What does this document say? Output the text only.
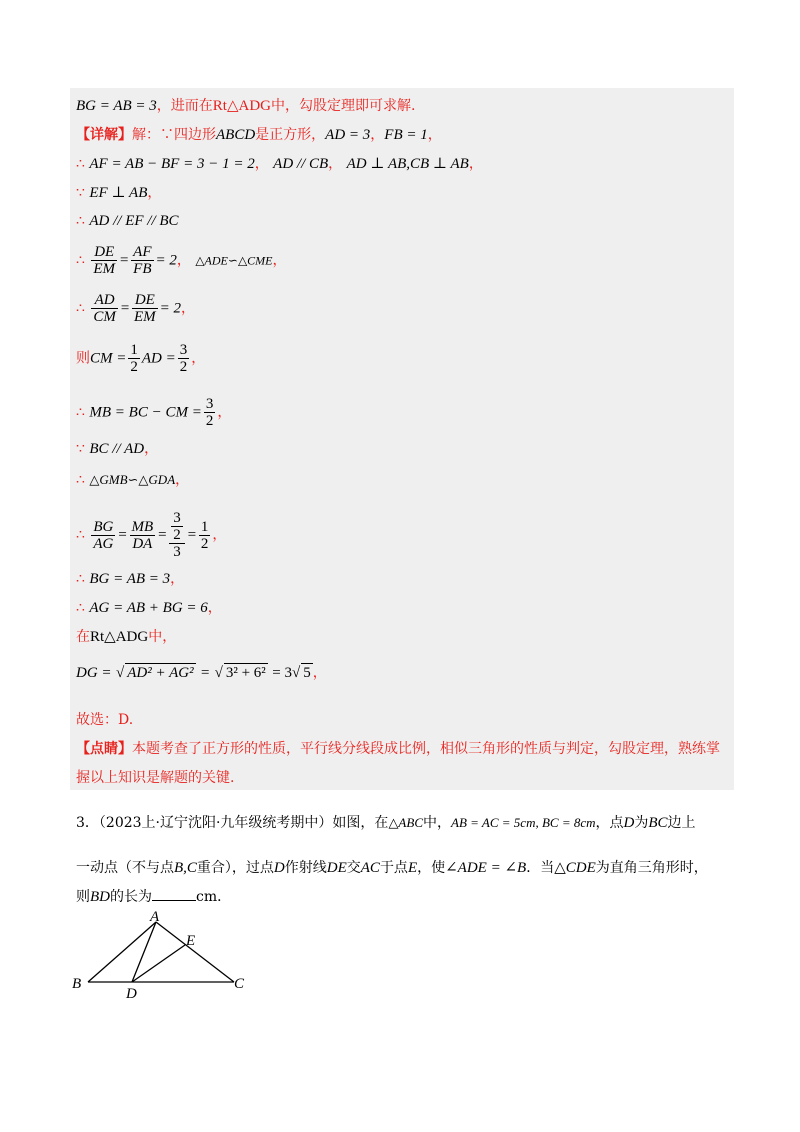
BG = AB = 3，进而在Rt△ADG中，勾股定理即可求解.
【详解】解：∵四边形ABCD是正方形，AD = 3，FB = 1，
∴ AF = AB − BF = 3 − 1 = 2， AD // CB， AD ⊥ AB,CB ⊥ AB，
∵ EF ⊥ AB，
∴ AD // EF // BC
∴ $\frac{DE}{EM} = \frac{AF}{FB} = 2$， △ADE∽△CME，
∴ $\frac{AD}{CM} = \frac{DE}{EM} = 2$，
则CM = $\frac{1}{2}$ AD = $\frac{3}{2}$ ，
∴ MB = BC − CM = $\frac{3}{2}$ ，
∵ BC // AD，
∴ △GMB∽△GDA，
∴ $\frac{BG}{AG} = \frac{MB}{DA} = \frac{\frac{3}{2}}{3} = \frac{1}{2}$ ，
∴ BG = AB = 3，
∴ AG = AB + BG = 6，
在Rt△ADG中，
DG = √ AD² + AG² = √ 3² + 6² = 3√ 5 ，
故选：D.
【点睛】本题考查了正方形的性质，平行线分线段成比例，相似三角形的性质与判定，勾股定理，熟练掌
握以上知识是解题的关键.
3．（2023上·辽宁沈阳·九年级统考期中）如图，在△ABC中，AB = AC = 5cm, BC = 8cm，点D为BC边上
一动点（不与点B,C重合），过点D作射线DE交AC于点E，使∠ADE = ∠B．当△CDE为直角三角形时，
则BD的长为	cm．
A
E
B
D
C
